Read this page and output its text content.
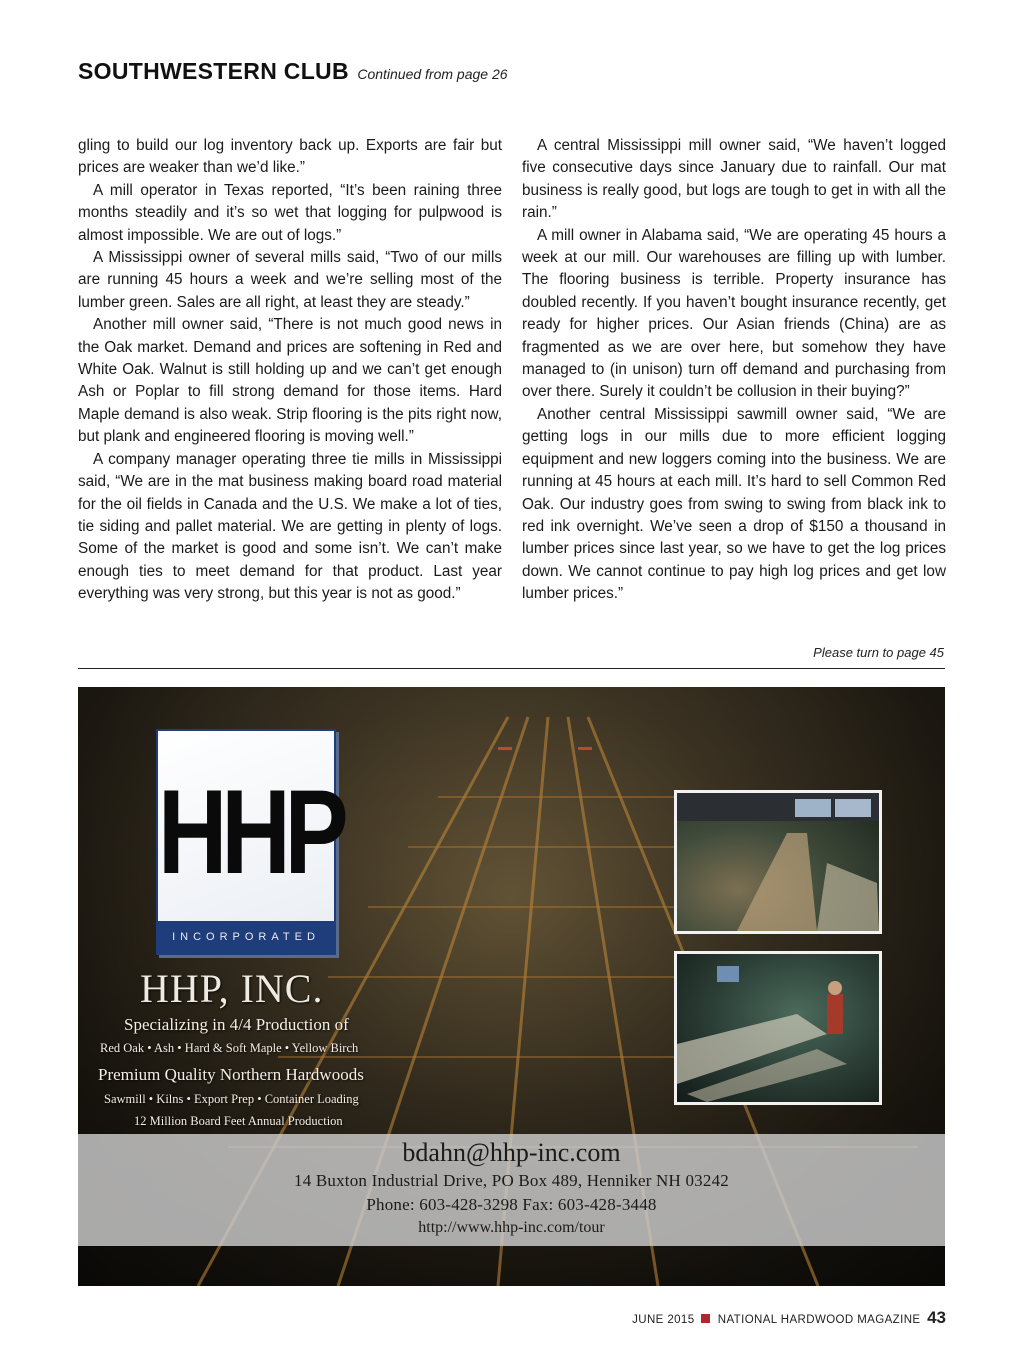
SOUTHWESTERN CLUB Continued from page 26

gling to build our log inventory back up. Exports are fair but prices are weaker than we’d like.”

A mill operator in Texas reported, “It’s been raining three months steadily and it’s so wet that logging for pulpwood is almost impossible. We are out of logs.”

A Mississippi owner of several mills said, “Two of our mills are running 45 hours a week and we’re selling most of the lumber green. Sales are all right, at least they are steady.”

Another mill owner said, “There is not much good news in the Oak market. Demand and prices are softening in Red and White Oak. Walnut is still holding up and we can’t get enough Ash or Poplar to fill strong demand for those items. Hard Maple demand is also weak. Strip flooring is the pits right now, but plank and engineered flooring is moving well.”

A company manager operating three tie mills in Mississippi said, “We are in the mat business making board road material for the oil fields in Canada and the U.S. We make a lot of ties, tie siding and pallet material. We are getting in plenty of logs. Some of the market is good and some isn’t. We can’t make enough ties to meet demand for that product. Last year everything was very strong, but this year is not as good.”

A central Mississippi mill owner said, “We haven’t logged five consecutive days since January due to rainfall. Our mat business is really good, but logs are tough to get in with all the rain.”

A mill owner in Alabama said, “We are operating 45 hours a week at our mill. Our warehouses are filling up with lumber. The flooring business is terrible. Property insurance has doubled recently. If you haven’t bought insurance recently, get ready for higher prices. Our Asian friends (China) are as fragmented as we are over here, but somehow they have managed to (in unison) turn off demand and purchasing from over there. Surely it couldn’t be collusion in their buying?”

Another central Mississippi sawmill owner said, “We are getting logs in our mills due to more efficient logging equipment and new loggers coming into the business. We are running at 45 hours at each mill. It’s hard to sell Common Red Oak. Our industry goes from swing to swing from black ink to red ink overnight. We’ve seen a drop of $150 a thousand in lumber prices since last year, so we have to get the log prices down. We cannot continue to pay high log prices and get low lumber prices.”

Please turn to page 45
HHP
INCORPORATED
HHP, INC.
Specializing in 4/4 Production of
Red Oak • Ash • Hard & Soft Maple • Yellow Birch
Premium Quality Northern Hardwoods
Sawmill • Kilns • Export Prep • Container Loading
12 Million Board Feet Annual Production
bdahn@hhp-inc.com
14 Buxton Industrial Drive, PO Box 489, Henniker NH 03242
Phone: 603-428-3298 Fax: 603-428-3448
http://www.hhp-inc.com/tour
JUNE 2015 NATIONAL HARDWOOD MAGAZINE 43
